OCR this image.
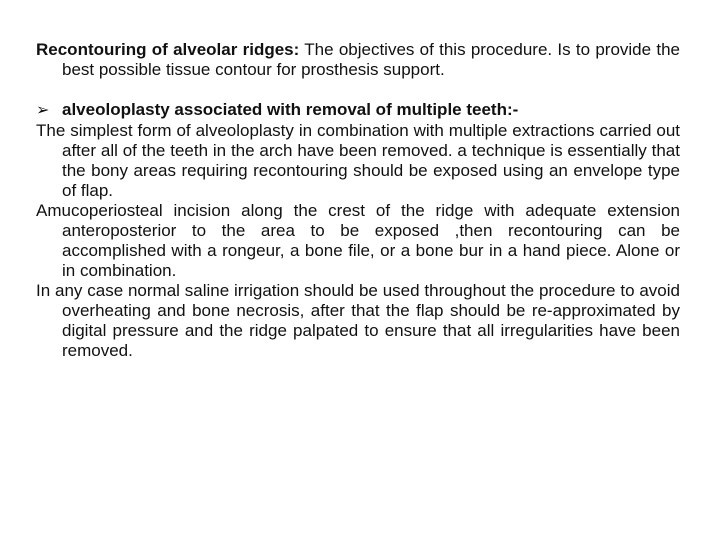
Recontouring of alveolar ridges: The objectives of this procedure. Is to provide the best possible tissue contour for prosthesis support.

➢ alveoloplasty associated with removal of multiple teeth:-

The simplest form of alveoloplasty in combination with multiple extractions carried out after all of the teeth in the arch have been removed. a technique is essentially that the bony areas requiring recontouring should be exposed using an envelope type of flap.

Amucoperiosteal incision along the crest of the ridge with adequate extension anteroposterior to the area to be exposed ,then recontouring can be accomplished with a rongeur, a bone file, or a bone bur in a hand piece. Alone or in combination.

In any case normal saline irrigation should be used throughout the procedure to avoid overheating and bone necrosis, after that the flap should be re-approximated by digital pressure and the ridge palpated to ensure that all irregularities have been removed.
